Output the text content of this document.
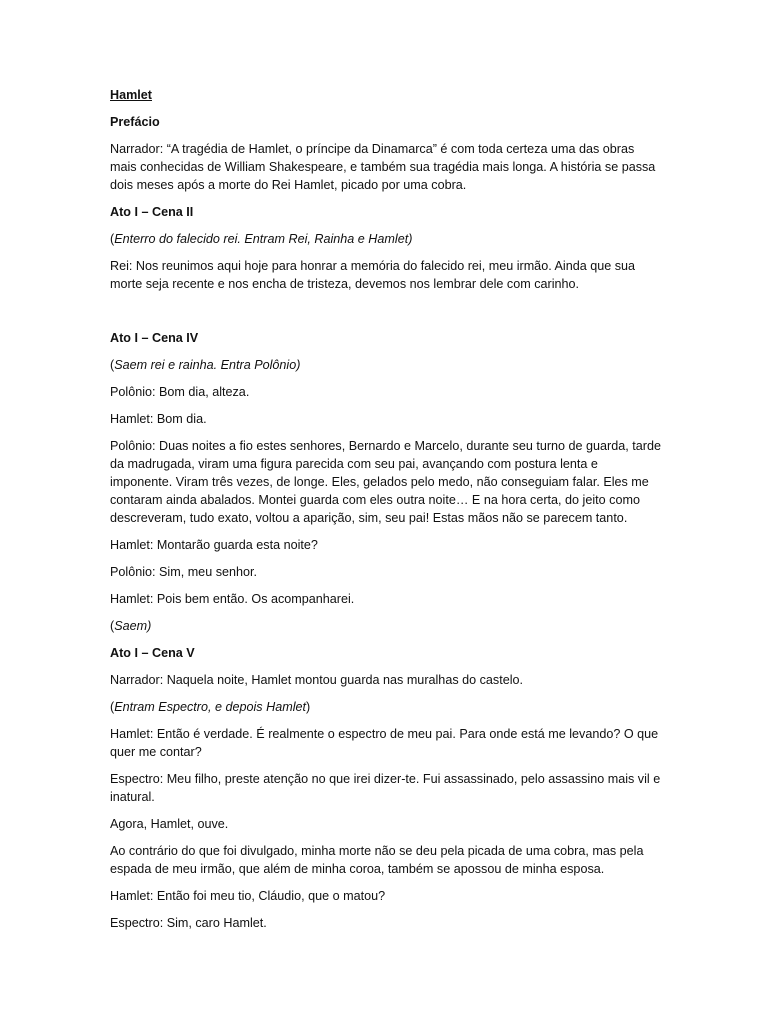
Hamlet
Prefácio
Narrador: “A tragédia de Hamlet, o príncipe da Dinamarca” é com toda certeza uma das obras mais conhecidas de William Shakespeare, e também sua tragédia mais longa. A história se passa dois meses após a morte do Rei Hamlet, picado por uma cobra.
Ato I – Cena II
(Enterro do falecido rei. Entram Rei, Rainha e Hamlet)
Rei: Nos reunimos aqui hoje para honrar a memória do falecido rei, meu irmão. Ainda que sua morte seja recente e nos encha de tristeza, devemos nos lembrar dele com carinho.
Ato I – Cena IV
(Saem rei e rainha. Entra Polônio)
Polônio: Bom dia, alteza.
Hamlet: Bom dia.
Polônio: Duas noites a fio estes senhores, Bernardo e Marcelo, durante seu turno de guarda, tarde da madrugada, viram uma figura parecida com seu pai, avançando com postura lenta e imponente. Viram três vezes, de longe. Eles, gelados pelo medo, não conseguiam falar. Eles me contaram ainda abalados. Montei guarda com eles outra noite… E na hora certa, do jeito como descreveram, tudo exato, voltou a aparição, sim, seu pai! Estas mãos não se parecem tanto.
Hamlet: Montarão guarda esta noite?
Polônio: Sim, meu senhor.
Hamlet: Pois bem então. Os acompanharei.
(Saem)
Ato I – Cena V
Narrador: Naquela noite, Hamlet montou guarda nas muralhas do castelo.
(Entram Espectro, e depois Hamlet)
Hamlet: Então é verdade. É realmente o espectro de meu pai. Para onde está me levando? O que quer me contar?
Espectro: Meu filho, preste atenção no que irei dizer-te. Fui assassinado, pelo assassino mais vil e inatural.
Agora, Hamlet, ouve.
Ao contrário do que foi divulgado, minha morte não se deu pela picada de uma cobra, mas pela espada de meu irmão, que além de minha coroa, também se apossou de minha esposa.
Hamlet: Então foi meu tio, Cláudio, que o matou?
Espectro: Sim, caro Hamlet.
